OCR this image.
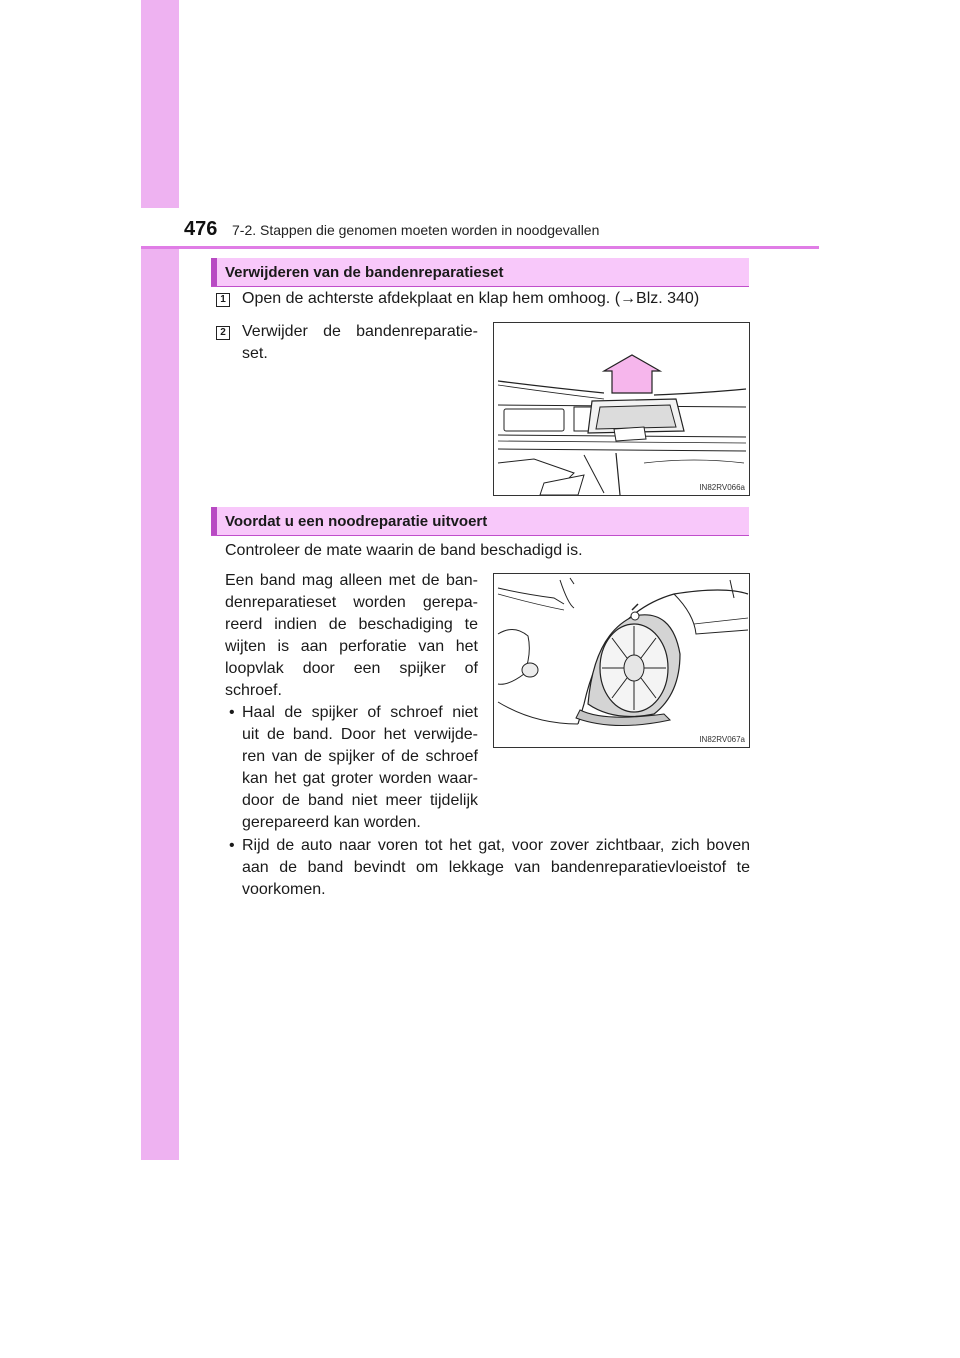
476 7-2. Stappen die genomen moeten worden in noodgevallen
Verwijderen van de bandenreparatieset
1 Open de achterste afdekplaat en klap hem omhoog. (→Blz. 340)
2 Verwijder de bandenreparatie-
set.
IN82RV066a
Voordat u een noodreparatie uitvoert
Controleer de mate waarin de band beschadigd is.
Een band mag alleen met de ban-
denreparatieset worden gerepa-
reerd indien de beschadiging te
wijten is aan perforatie van het
loopvlak door een spijker of
schroef.
• Haal de spijker of schroef niet
uit de band. Door het verwijde-
ren van de spijker of de schroef
kan het gat groter worden waar-
door de band niet meer tijdelijk
gerepareerd kan worden.
• Rijd de auto naar voren tot het gat, voor zover zichtbaar, zich boven
aan de band bevindt om lekkage van bandenreparatievloeistof te
voorkomen.
IN82RV067a
